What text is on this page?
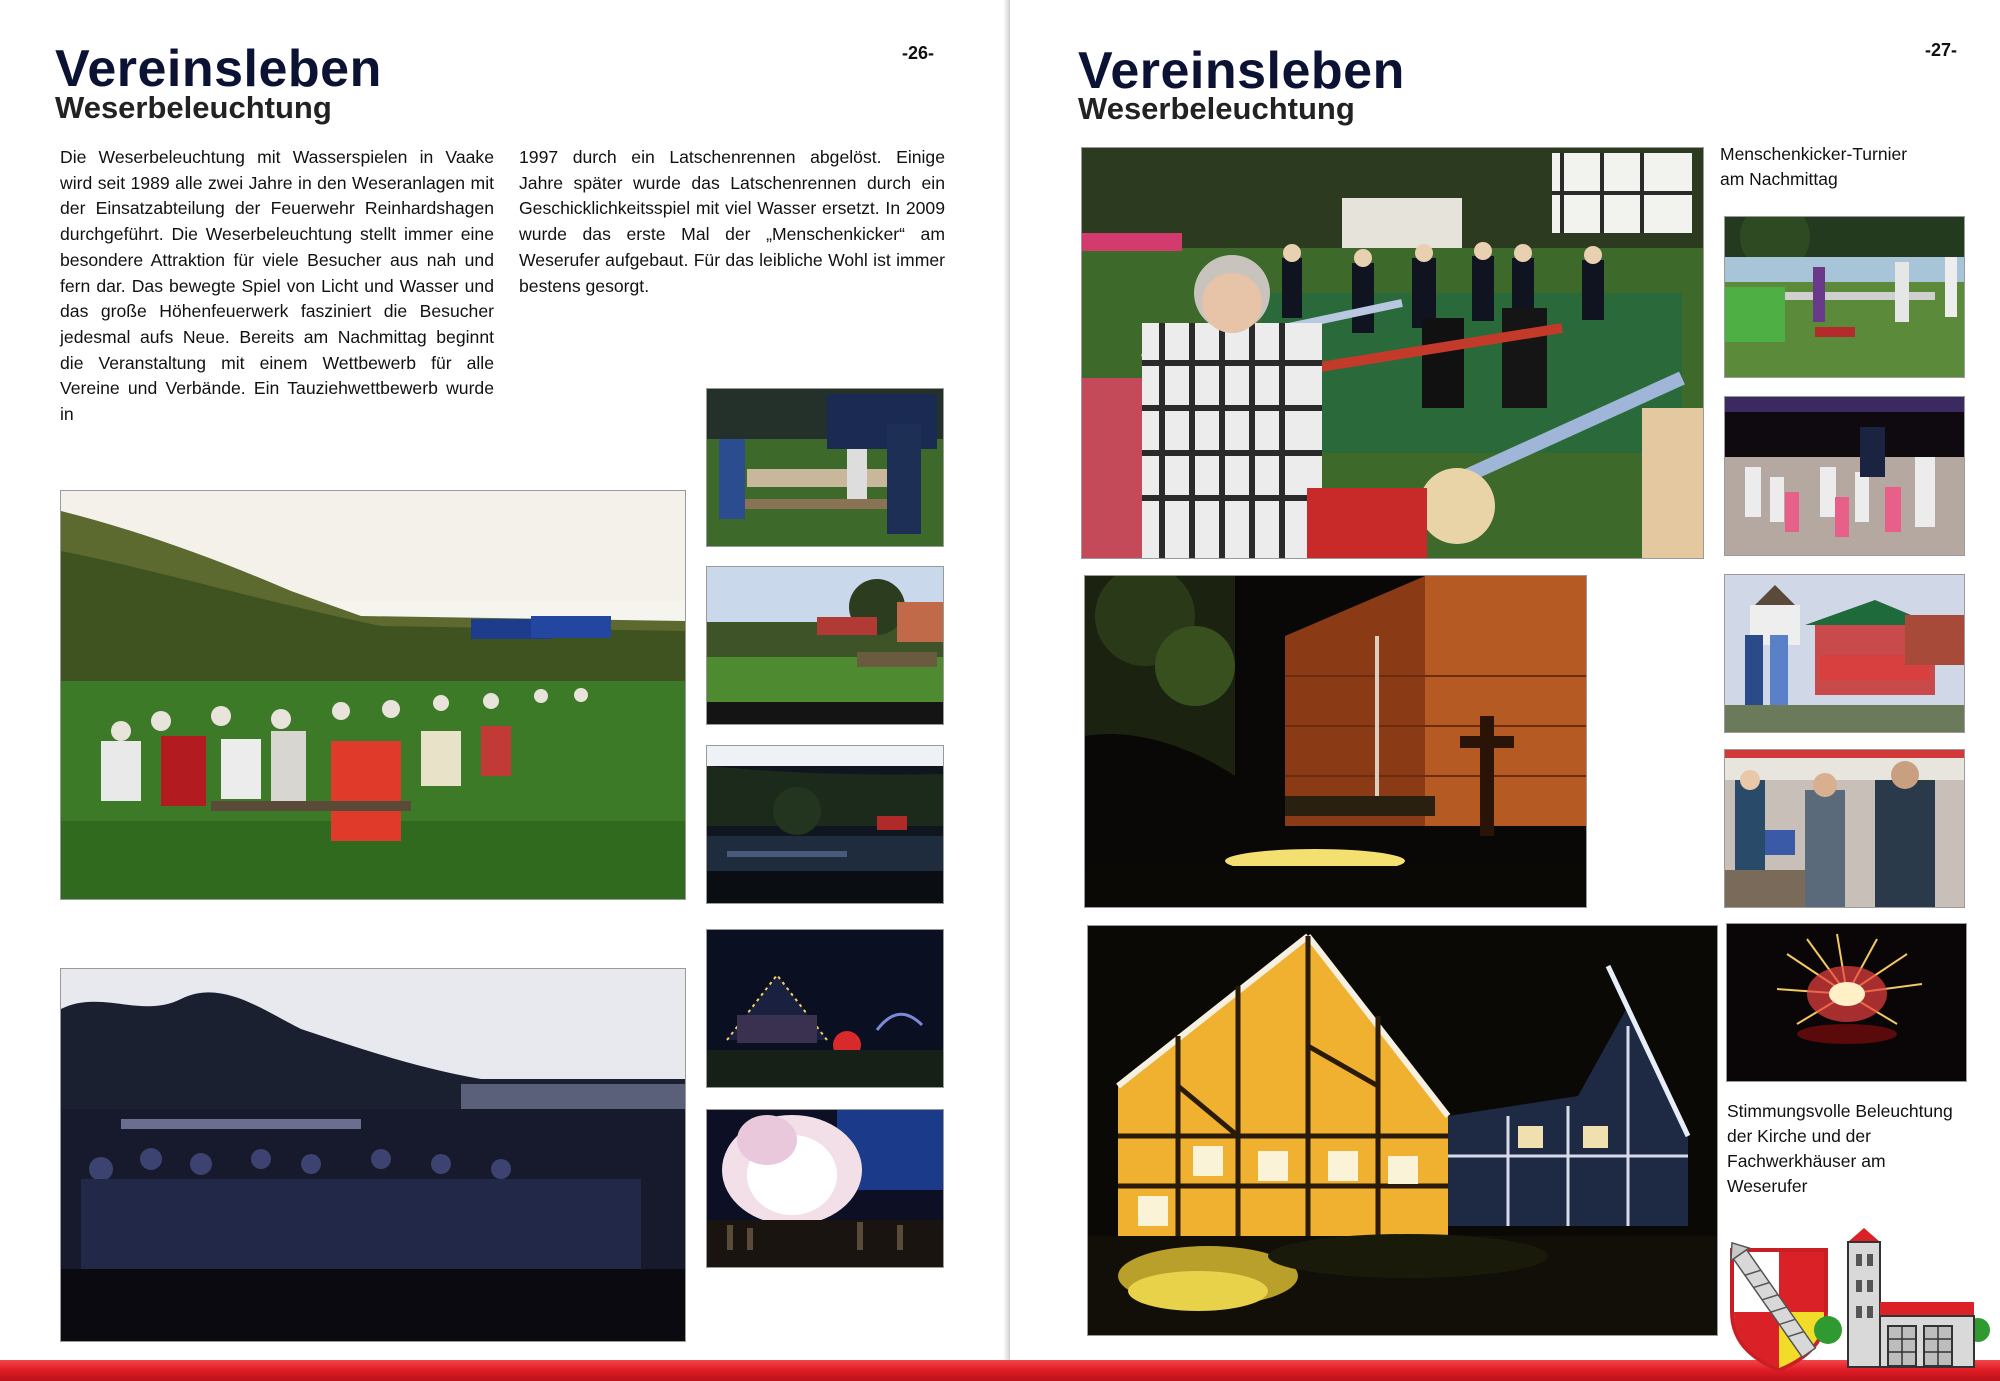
-26-
Vereinsleben
Weserbeleuchtung

Die Weserbeleuchtung mit Wasserspielen in Vaake wird seit 1989 alle zwei Jahre in den Weseranlagen mit der Einsatzabteilung der Feuerwehr Reinhardshagen durchgeführt. Die Weserbeleuchtung stellt immer eine besondere Attraktion für viele Besucher aus nah und fern dar. Das bewegte Spiel von Licht und Wasser und das große Höhenfeuerwerk fasziniert die Besucher jedesmal aufs Neue. Bereits am Nachmittag beginnt die Veranstaltung mit einem Wettbewerb für alle Vereine und Verbände. Ein Tauziehwettbewerb wurde in

1997 durch ein Latschenrennen abgelöst. Einige Jahre später wurde das Latschenrennen durch ein Geschicklichkeitsspiel mit viel Wasser ersetzt. In 2009 wurde das erste Mal der „Menschenkicker“ am Weserufer aufgebaut. Für das leibliche Wohl ist immer bestens gesorgt.

-27-
Vereinsleben
Weserbeleuchtung

Menschenkicker-Turnier am Nachmittag

Stimmungsvolle Beleuchtung der Kirche und der Fachwerkhäuser am Weserufer
